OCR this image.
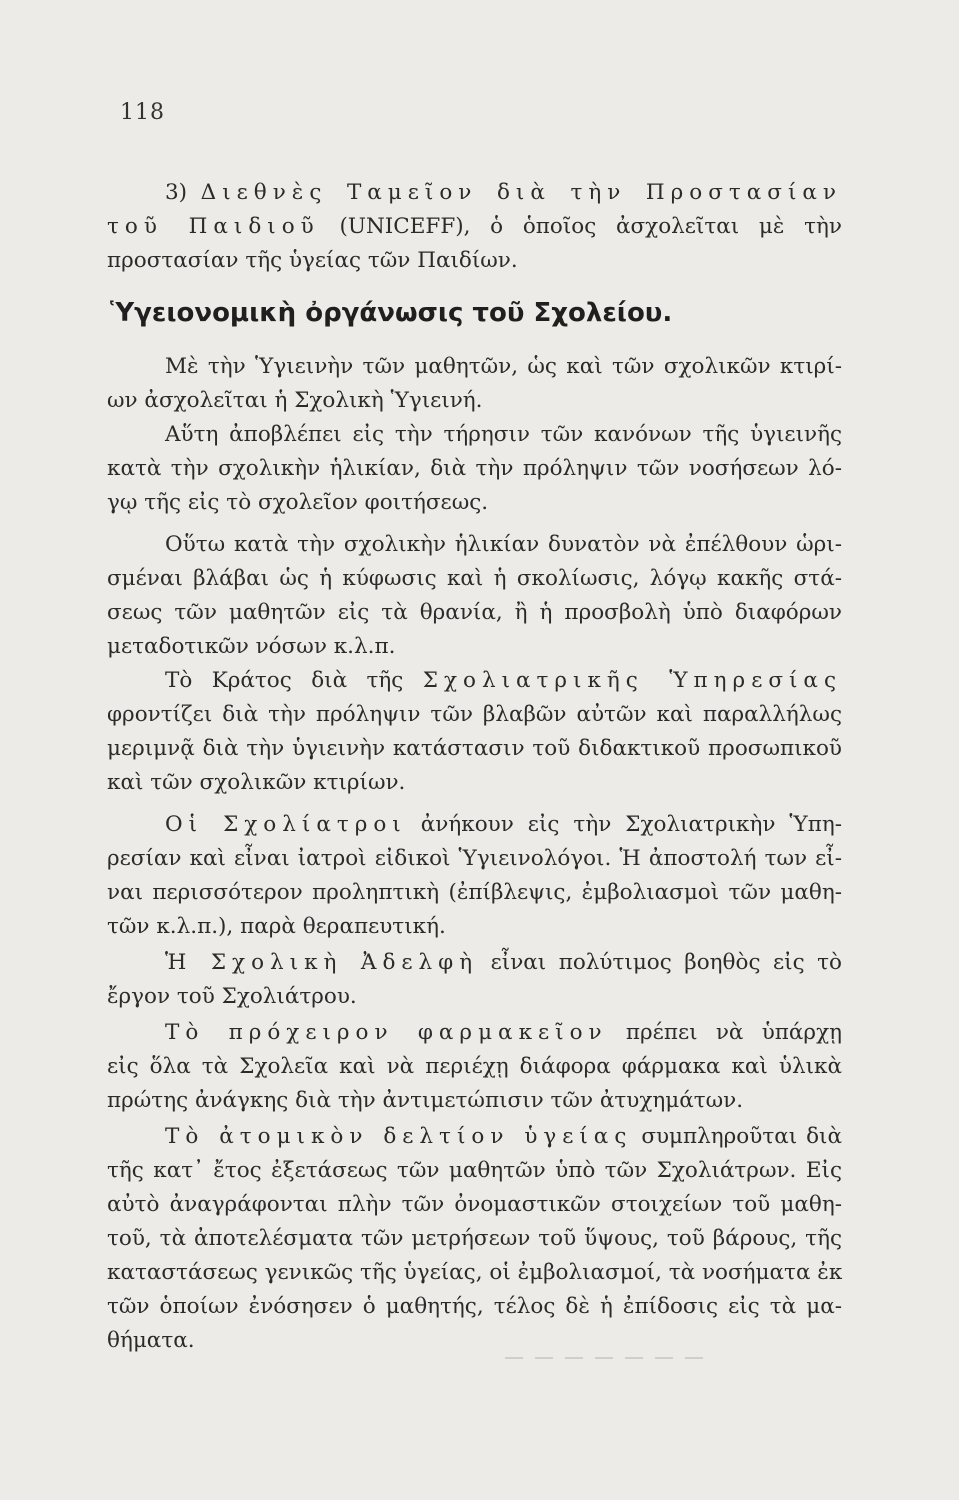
118
3) Διεθνὲς Ταμεῖον διὰ τὴν Προστασίαν
τοῦ Παιδιοῦ (UNICEFF), ὁ ὁποῖος ἀσχολεῖται μὲ τὴν
προστασίαν τῆς ὑγείας τῶν Παιδίων.
Ὑγειονομικὴ ὀργάνωσις τοῦ Σχολείου.
Μὲ τὴν Ὑγιεινὴν τῶν μαθητῶν, ὡς καὶ τῶν σχολικῶν κτιρί-
ων ἀσχολεῖται ἡ Σχολικὴ Ὑγιεινή.
Αὕτη ἀποβλέπει εἰς τὴν τήρησιν τῶν κανόνων τῆς ὑγιεινῆς
κατὰ τὴν σχολικὴν ἡλικίαν, διὰ τὴν πρόληψιν τῶν νοσήσεων λό-
γῳ τῆς εἰς τὸ σχολεῖον φοιτήσεως.
Οὕτω κατὰ τὴν σχολικὴν ἡλικίαν δυνατὸν νὰ ἐπέλθουν ὡρι-
σμέναι βλάβαι ὡς ἡ κύφωσις καὶ ἡ σκολίωσις, λόγῳ κακῆς στά-
σεως τῶν μαθητῶν εἰς τὰ θρανία, ἢ ἡ προσβολὴ ὑπὸ διαφόρων
μεταδοτικῶν νόσων κ.λ.π.
Τὸ Κράτος διὰ τῆς Σχολιατρικῆς Ὑπηρεσίας
φροντίζει διὰ τὴν πρόληψιν τῶν βλαβῶν αὐτῶν καὶ παραλλήλως
μεριμνᾷ διὰ τὴν ὑγιεινὴν κατάστασιν τοῦ διδακτικοῦ προσωπικοῦ
καὶ τῶν σχολικῶν κτιρίων.
Οἱ Σχολίατροι ἀνήκουν εἰς τὴν Σχολιατρικὴν Ὑπη-
ρεσίαν καὶ εἶναι ἰατροὶ εἰδικοὶ Ὑγιεινολόγοι. Ἡ ἀποστολή των εἶ-
ναι περισσότερον προληπτικὴ (ἐπίβλεψις, ἐμβολιασμοὶ τῶν μαθη-
τῶν κ.λ.π.), παρὰ θεραπευτική.
Ἡ Σχολικὴ Ἀδελφὴ εἶναι πολύτιμος βοηθὸς εἰς τὸ
ἔργον τοῦ Σχολιάτρου.
Τὸ πρόχειρον φαρμακεῖον πρέπει νὰ ὑπάρχῃ
εἰς ὅλα τὰ Σχολεῖα καὶ νὰ περιέχῃ διάφορα φάρμακα καὶ ὑλικὰ
πρώτης ἀνάγκης διὰ τὴν ἀντιμετώπισιν τῶν ἀτυχημάτων.
Τὸ ἀτομικὸν δελτίον ὑγείας συμπληροῦται διὰ
τῆς κατ᾽ ἔτος ἐξετάσεως τῶν μαθητῶν ὑπὸ τῶν Σχολιάτρων. Εἰς
αὐτὸ ἀναγράφονται πλὴν τῶν ὀνομαστικῶν στοιχείων τοῦ μαθη-
τοῦ, τὰ ἀποτελέσματα τῶν μετρήσεων τοῦ ὕψους, τοῦ βάρους, τῆς
καταστάσεως γενικῶς τῆς ὑγείας, οἱ ἐμβολιασμοί, τὰ νοσήματα ἐκ
τῶν ὁποίων ἐνόσησεν ὁ μαθητής, τέλος δὲ ἡ ἐπίδοσις εἰς τὰ μα-
θήματα.
